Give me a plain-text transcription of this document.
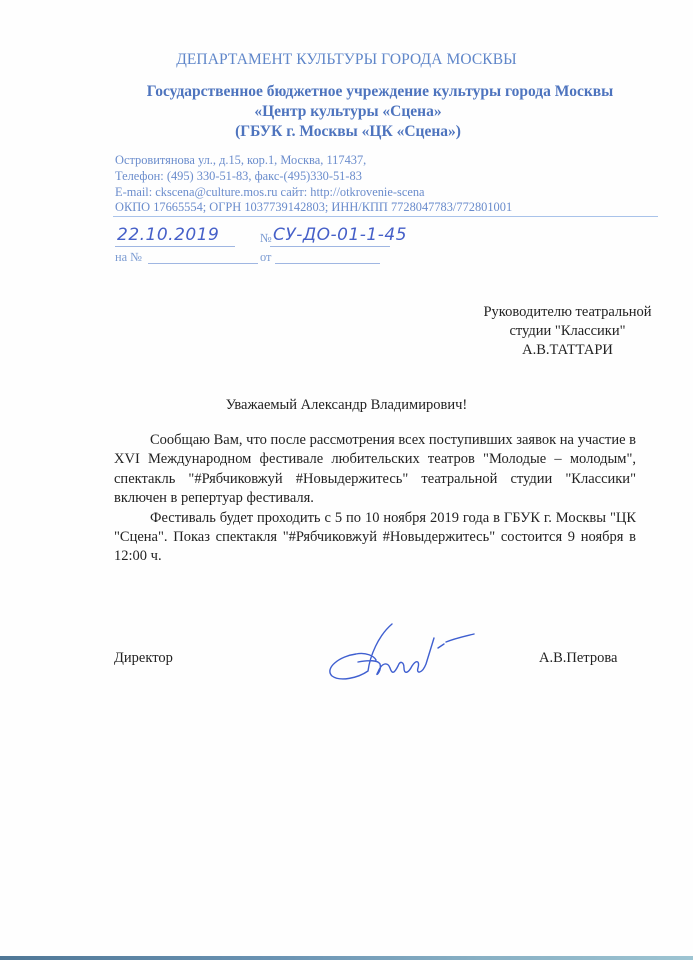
ДЕПАРТАМЕНТ КУЛЬТУРЫ ГОРОДА МОСКВЫ
Государственное бюджетное учреждение культуры города Москвы
«Центр культуры «Сцена»
(ГБУК г. Москвы «ЦК «Сцена»)
Островитянова ул., д.15, кор.1, Москва, 117437,
Телефон: (495) 330-51-83, факс-(495)330-51-83
E-mail: ckscena@culture.mos.ru сайт: http://otkrovenie-scena
ОКПО 17665554; ОГРН 1037739142803; ИНН/КПП 7728047783/772801001
22.10.2019	№ СУ-ДО-01-1-45
на №	от
Руководителю театральной
студии "Классики"
А.В.ТАТТАРИ
Уважаемый Александр Владимирович!

Сообщаю Вам, что после рассмотрения всех поступивших заявок на участие в XVI Международном фестивале любительских театров "Молодые – молодым", спектакль "#Рябчиковжуй #Новыдержитесь" театральной студии "Классики" включен в репертуар фестиваля.

Фестиваль будет проходить с 5 по 10 ноября 2019 года в ГБУК г. Москвы "ЦК "Сцена". Показ спектакля "#Рябчиковжуй #Новыдержитесь" состоится 9 ноября в 12:00 ч.

Директор	А.В.Петрова
